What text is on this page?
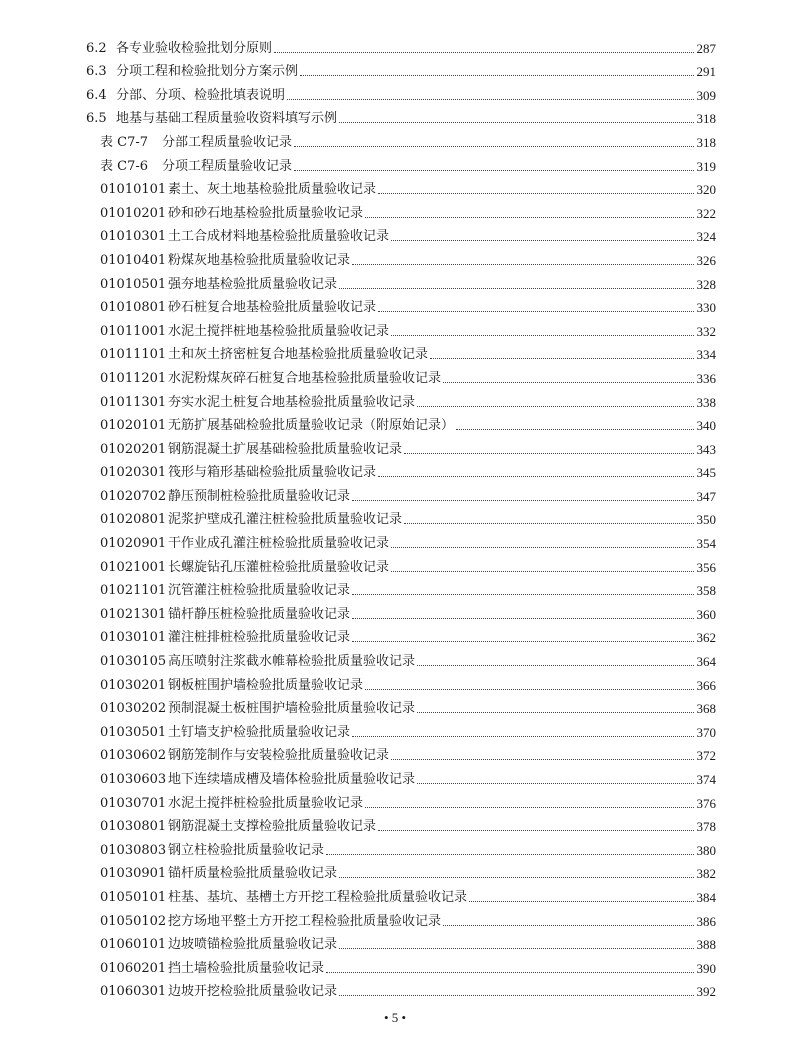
6.2 各专业验收检验批划分原则	287
6.3 分项工程和检验批划分方案示例	291
6.4 分部、分项、检验批填表说明	309
6.5 地基与基础工程质量验收资料填写示例	318
表 C7-7	分部工程质量验收记录	318
表 C7-6	分项工程质量验收记录	319
01010101 素土、灰土地基检验批质量验收记录	320
01010201 砂和砂石地基检验批质量验收记录	322
01010301 土工合成材料地基检验批质量验收记录	324
01010401 粉煤灰地基检验批质量验收记录	326
01010501 强夯地基检验批质量验收记录	328
01010801 砂石桩复合地基检验批质量验收记录	330
01011001 水泥土搅拌桩地基检验批质量验收记录	332
01011101 土和灰土挤密桩复合地基检验批质量验收记录	334
01011201 水泥粉煤灰碎石桩复合地基检验批质量验收记录	336
01011301 夯实水泥土桩复合地基检验批质量验收记录	338
01020101 无筋扩展基础检验批质量验收记录（附原始记录）	340
01020201 钢筋混凝土扩展基础检验批质量验收记录	343
01020301 筏形与箱形基础检验批质量验收记录	345
01020702 静压预制桩检验批质量验收记录	347
01020801 泥浆护壁成孔灌注桩检验批质量验收记录	350
01020901 干作业成孔灌注桩检验批质量验收记录	354
01021001 长螺旋钻孔压灌桩检验批质量验收记录	356
01021101 沉管灌注桩检验批质量验收记录	358
01021301 锚杆静压桩检验批质量验收记录	360
01030101 灌注桩排桩检验批质量验收记录	362
01030105 高压喷射注浆截水帷幕检验批质量验收记录	364
01030201 钢板桩围护墙检验批质量验收记录	366
01030202 预制混凝土板桩围护墙检验批质量验收记录	368
01030501 土钉墙支护检验批质量验收记录	370
01030602 钢筋笼制作与安装检验批质量验收记录	372
01030603 地下连续墙成槽及墙体检验批质量验收记录	374
01030701 水泥土搅拌桩检验批质量验收记录	376
01030801 钢筋混凝土支撑检验批质量验收记录	378
01030803 钢立柱检验批质量验收记录	380
01030901 锚杆质量检验批质量验收记录	382
01050101 柱基、基坑、基槽土方开挖工程检验批质量验收记录	384
01050102 挖方场地平整土方开挖工程检验批质量验收记录	386
01060101 边坡喷锚检验批质量验收记录	388
01060201 挡土墙检验批质量验收记录	390
01060301 边坡开挖检验批质量验收记录	392
• 5 •
